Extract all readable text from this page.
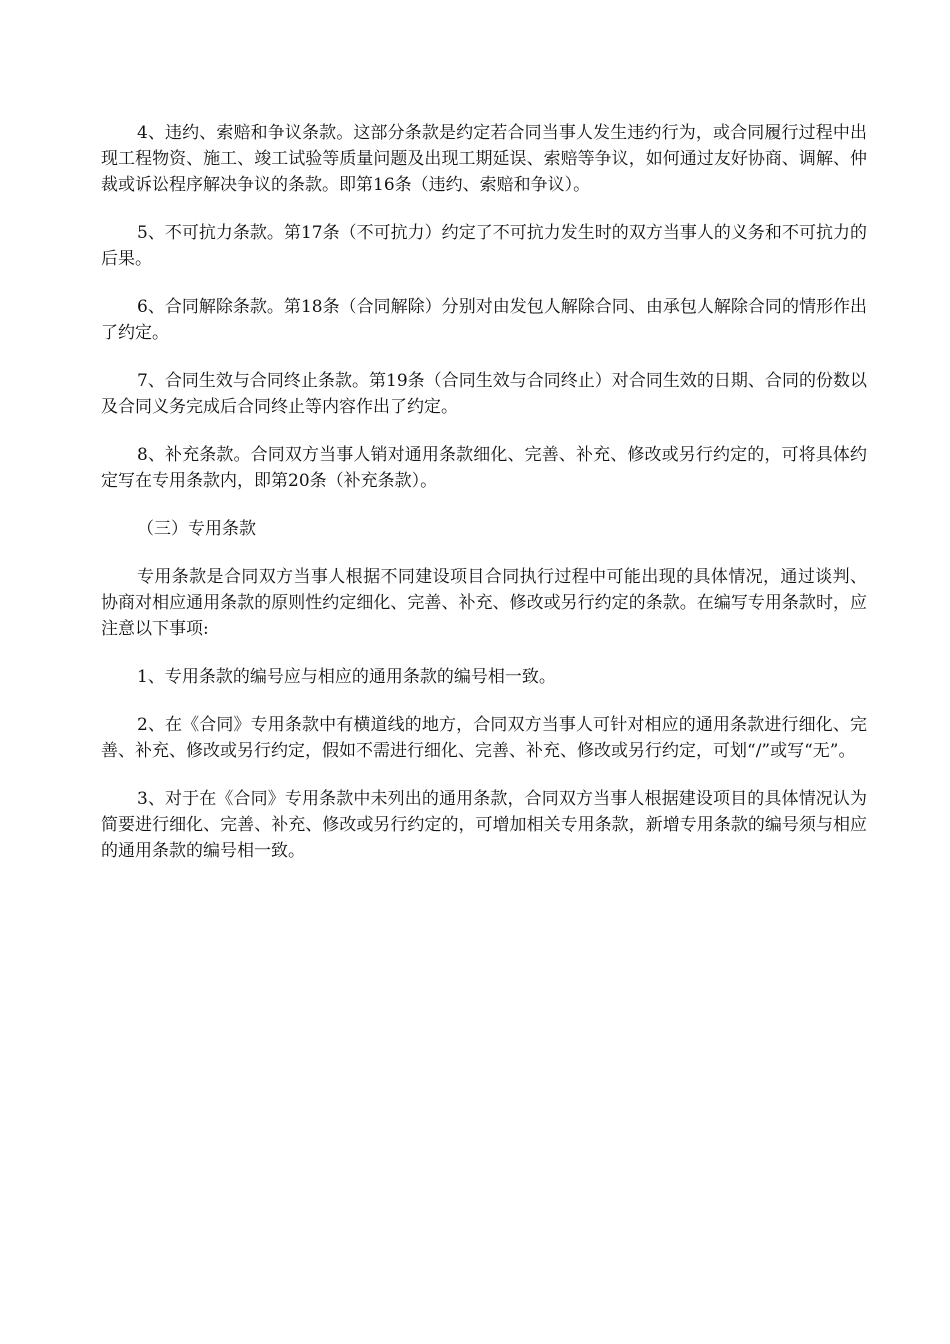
4、违约、索赔和争议条款。这部分条款是约定若合同当事人发生违约行为，或合同履行过程中出现工程物资、施工、竣工试验等质量问题及出现工期延误、索赔等争议，如何通过友好协商、调解、仲裁或诉讼程序解决争议的条款。即第16条（违约、索赔和争议）。

5、不可抗力条款。第17条（不可抗力）约定了不可抗力发生时的双方当事人的义务和不可抗力的后果。

6、合同解除条款。第18条（合同解除）分别对由发包人解除合同、由承包人解除合同的情形作出了约定。

7、合同生效与合同终止条款。第19条（合同生效与合同终止）对合同生效的日期、合同的份数以及合同义务完成后合同终止等内容作出了约定。

8、补充条款。合同双方当事人销对通用条款细化、完善、补充、修改或另行约定的，可将具体约定写在专用条款内，即第20条（补充条款）。

（三）专用条款

专用条款是合同双方当事人根据不同建设项目合同执行过程中可能出现的具体情况，通过谈判、协商对相应通用条款的原则性约定细化、完善、补充、修改或另行约定的条款。在编写专用条款时，应注意以下事项:

1、专用条款的编号应与相应的通用条款的编号相一致。

2、在《合同》专用条款中有横道线的地方，合同双方当事人可针对相应的通用条款进行细化、完善、补充、修改或另行约定，假如不需进行细化、完善、补充、修改或另行约定，可划“/”或写“无”。

3、对于在《合同》专用条款中未列出的通用条款，合同双方当事人根据建设项目的具体情况认为简要进行细化、完善、补充、修改或另行约定的，可增加相关专用条款，新增专用条款的编号须与相应的通用条款的编号相一致。
